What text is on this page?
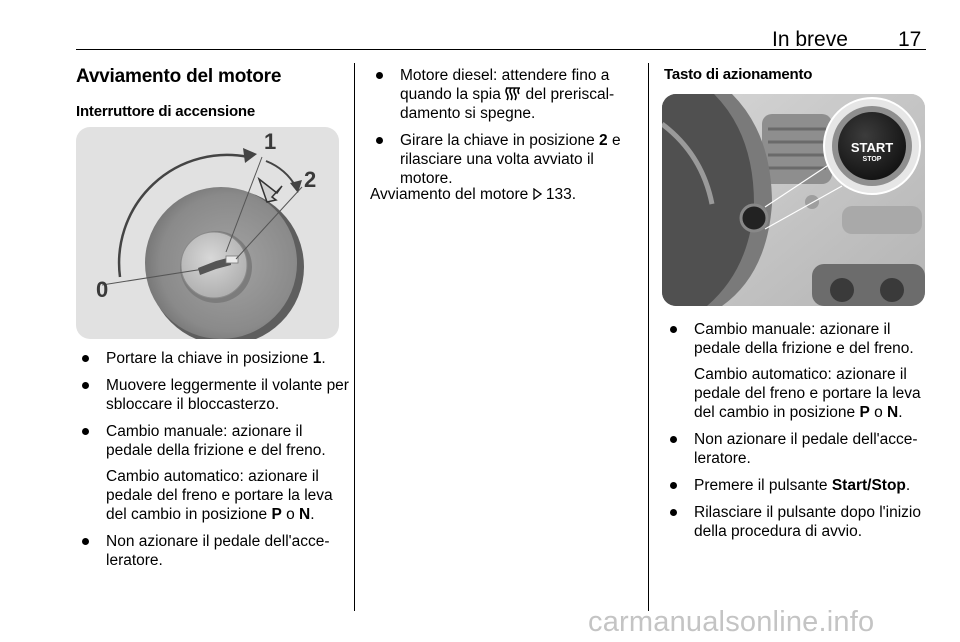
In breve 17
Avviamento del motore
Interruttore di accensione
0
1
2
Portare la chiave in posizione 1.
Muovere leggermente il volante per sbloccare il bloccasterzo.
Cambio manuale: azionare il pedale della frizione e del freno.
Cambio automatico: azionare il pedale del freno e portare la leva del cambio in posizione P o N.
Non azionare il pedale dell'acce-leratore.
Motore diesel: attendere fino a quando la spia  del preriscal-damento si spegne.
Girare la chiave in posizione 2 e rilasciare una volta avviato il motore.
Avviamento del motore 133.
Tasto di azionamento
START
STOP
Cambio manuale: azionare il pedale della frizione e del freno.
Cambio automatico: azionare il pedale del freno e portare la leva del cambio in posizione P o N.
Non azionare il pedale dell'acce-leratore.
Premere il pulsante Start/Stop.
Rilasciare il pulsante dopo l'inizio della procedura di avvio.
carmanualsonline.info
